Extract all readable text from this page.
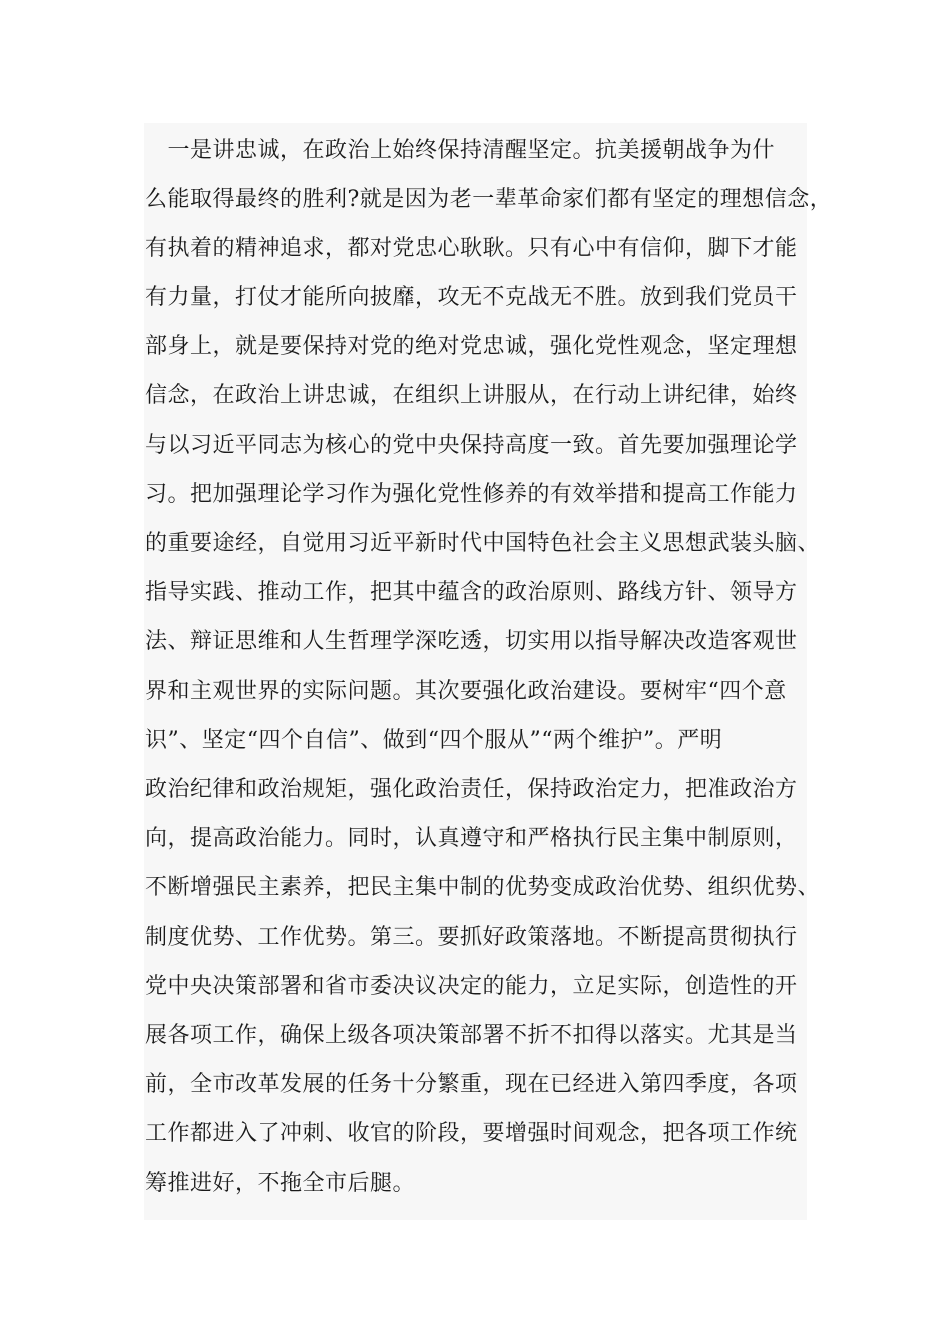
　一是讲忠诚，在政治上始终保持清醒坚定。抗美援朝战争为什
么能取得最终的胜利?就是因为老一辈革命家们都有坚定的理想信念，
有执着的精神追求，都对党忠心耿耿。只有心中有信仰，脚下才能
有力量，打仗才能所向披靡，攻无不克战无不胜。放到我们党员干
部身上，就是要保持对党的绝对党忠诚，强化党性观念，坚定理想
信念，在政治上讲忠诚，在组织上讲服从，在行动上讲纪律，始终
与以习近平同志为核心的党中央保持高度一致。首先要加强理论学
习。把加强理论学习作为强化党性修养的有效举措和提高工作能力
的重要途经，自觉用习近平新时代中国特色社会主义思想武装头脑、
指导实践、推动工作，把其中蕴含的政治原则、路线方针、领导方
法、辩证思维和人生哲理学深吃透，切实用以指导解决改造客观世
界和主观世界的实际问题。其次要强化政治建设。要树牢“四个意
识”、坚定“四个自信”、做到“四个服从”“两个维护”。严明
政治纪律和政治规矩，强化政治责任，保持政治定力，把准政治方
向，提高政治能力。同时，认真遵守和严格执行民主集中制原则，
不断增强民主素养，把民主集中制的优势变成政治优势、组织优势、
制度优势、工作优势。第三。要抓好政策落地。不断提高贯彻执行
党中央决策部署和省市委决议决定的能力，立足实际，创造性的开
展各项工作，确保上级各项决策部署不折不扣得以落实。尤其是当
前，全市改革发展的任务十分繁重，现在已经进入第四季度，各项
工作都进入了冲刺、收官的阶段，要增强时间观念，把各项工作统
筹推进好，不拖全市后腿。
